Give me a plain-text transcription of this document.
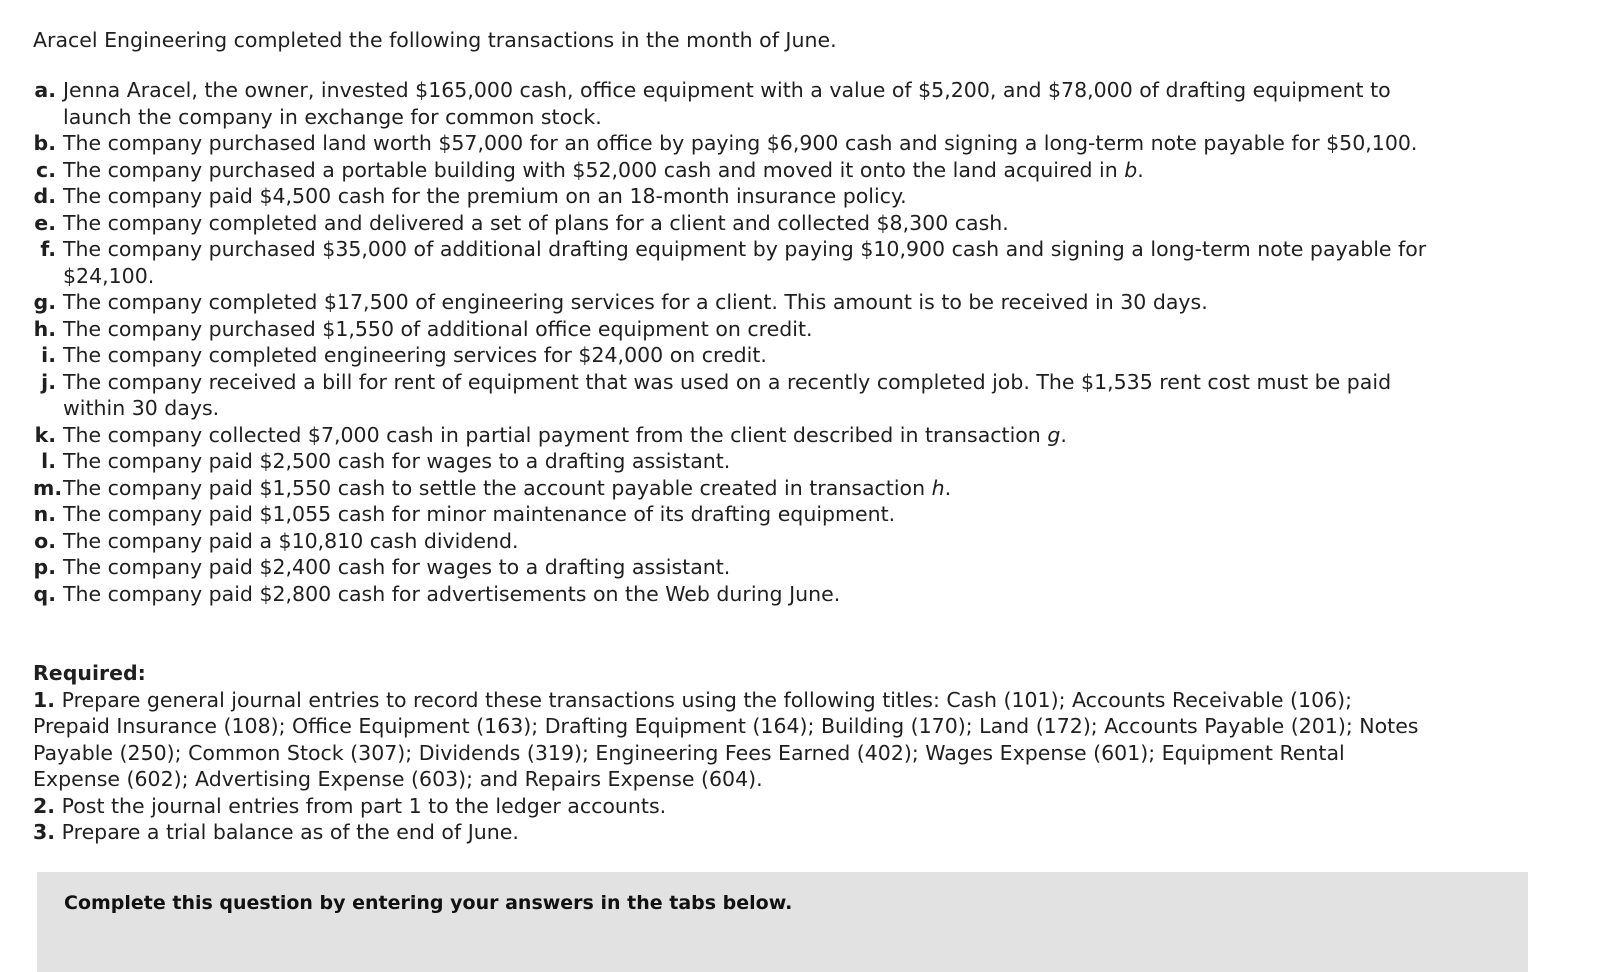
Aracel Engineering completed the following transactions in the month of June.

a. Jenna Aracel, the owner, invested $165,000 cash, office equipment with a value of $5,200, and $78,000 of drafting equipment to launch the company in exchange for common stock.
b. The company purchased land worth $57,000 for an office by paying $6,900 cash and signing a long-term note payable for $50,100.
c. The company purchased a portable building with $52,000 cash and moved it onto the land acquired in b.
d. The company paid $4,500 cash for the premium on an 18-month insurance policy.
e. The company completed and delivered a set of plans for a client and collected $8,300 cash.
f. The company purchased $35,000 of additional drafting equipment by paying $10,900 cash and signing a long-term note payable for $24,100.
g. The company completed $17,500 of engineering services for a client. This amount is to be received in 30 days.
h. The company purchased $1,550 of additional office equipment on credit.
i. The company completed engineering services for $24,000 on credit.
j. The company received a bill for rent of equipment that was used on a recently completed job. The $1,535 rent cost must be paid within 30 days.
k. The company collected $7,000 cash in partial payment from the client described in transaction g.
l. The company paid $2,500 cash for wages to a drafting assistant.
m. The company paid $1,550 cash to settle the account payable created in transaction h.
n. The company paid $1,055 cash for minor maintenance of its drafting equipment.
o. The company paid a $10,810 cash dividend.
p. The company paid $2,400 cash for wages to a drafting assistant.
q. The company paid $2,800 cash for advertisements on the Web during June.
Required:
1. Prepare general journal entries to record these transactions using the following titles: Cash (101); Accounts Receivable (106); Prepaid Insurance (108); Office Equipment (163); Drafting Equipment (164); Building (170); Land (172); Accounts Payable (201); Notes Payable (250); Common Stock (307); Dividends (319); Engineering Fees Earned (402); Wages Expense (601); Equipment Rental Expense (602); Advertising Expense (603); and Repairs Expense (604).
2. Post the journal entries from part 1 to the ledger accounts.
3. Prepare a trial balance as of the end of June.
Complete this question by entering your answers in the tabs below.
